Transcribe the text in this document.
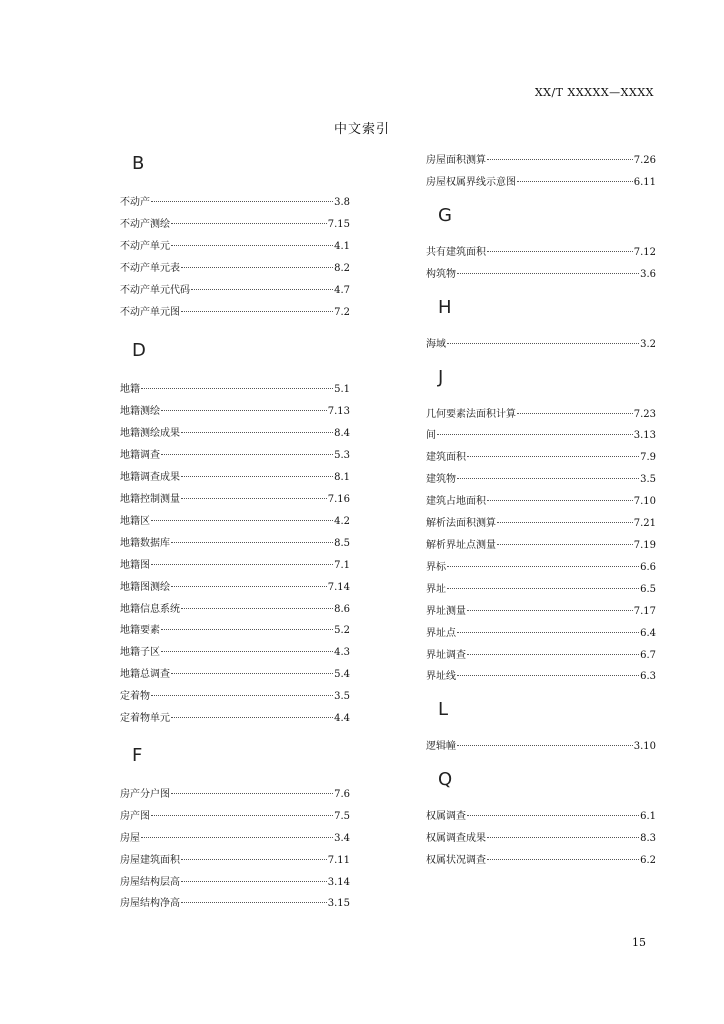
XX/T XXXXX—XXXX
中文索引
B
不动产	3.8
不动产测绘	7.15
不动产单元	4.1
不动产单元表	8.2
不动产单元代码	4.7
不动产单元图	7.2
D
地籍	5.1
地籍测绘	7.13
地籍测绘成果	8.4
地籍调查	5.3
地籍调查成果	8.1
地籍控制测量	7.16
地籍区	4.2
地籍数据库	8.5
地籍图	7.1
地籍图测绘	7.14
地籍信息系统	8.6
地籍要素	5.2
地籍子区	4.3
地籍总调查	5.4
定着物	3.5
定着物单元	4.4
F
房产分户图	7.6
房产图	7.5
房屋	3.4
房屋建筑面积	7.11
房屋结构层高	3.14
房屋结构净高	3.15
房屋面积测算	7.26
房屋权属界线示意图	6.11
G
共有建筑面积	7.12
构筑物	3.6
H
海域	3.2
J
几何要素法面积计算	7.23
间	3.13
建筑面积	7.9
建筑物	3.5
建筑占地面积	7.10
解析法面积测算	7.21
解析界址点测量	7.19
界标	6.6
界址	6.5
界址测量	7.17
界址点	6.4
界址调查	6.7
界址线	6.3
L
逻辑幢	3.10
Q
权属调查	6.1
权属调查成果	8.3
权属状况调查	6.2
15
